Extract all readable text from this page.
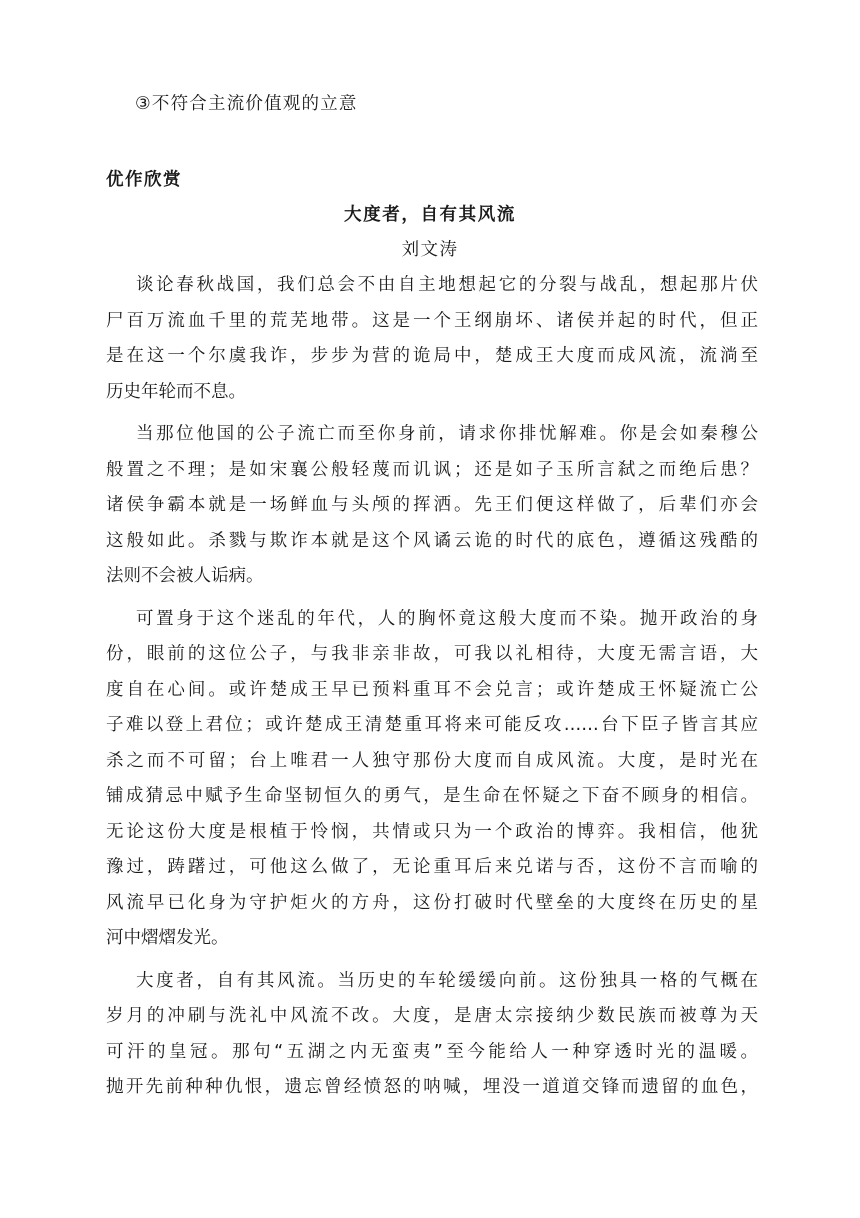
③不符合主流价值观的立意
优作欣赏
大度者，自有其风流
刘文涛
谈论春秋战国，我们总会不由自主地想起它的分裂与战乱，想起那片伏
尸百万流血千里的荒芜地带。这是一个王纲崩坏、诸侯并起的时代，但正
是在这一个尔虞我诈，步步为营的诡局中，楚成王大度而成风流，流淌至
历史年轮而不息。
当那位他国的公子流亡而至你身前，请求你排忧解难。你是会如秦穆公
般置之不理；是如宋襄公般轻蔑而讥讽；还是如子玉所言弑之而绝后患？
诸侯争霸本就是一场鲜血与头颅的挥洒。先王们便这样做了，后辈们亦会
这般如此。杀戮与欺诈本就是这个风谲云诡的时代的底色，遵循这残酷的
法则不会被人诟病。
可置身于这个迷乱的年代，人的胸怀竟这般大度而不染。抛开政治的身
份，眼前的这位公子，与我非亲非故，可我以礼相待，大度无需言语，大
度自在心间。或许楚成王早已预料重耳不会兑言；或许楚成王怀疑流亡公
子难以登上君位；或许楚成王清楚重耳将来可能反攻……台下臣子皆言其应
杀之而不可留；台上唯君一人独守那份大度而自成风流。大度，是时光在
铺成猜忌中赋予生命坚韧恒久的勇气，是生命在怀疑之下奋不顾身的相信。
无论这份大度是根植于怜悯，共情或只为一个政治的博弈。我相信，他犹
豫过，踌躇过，可他这么做了，无论重耳后来兑诺与否，这份不言而喻的
风流早已化身为守护炬火的方舟，这份打破时代壁垒的大度终在历史的星
河中熠熠发光。
大度者，自有其风流。当历史的车轮缓缓向前。这份独具一格的气概在
岁月的冲刷与洗礼中风流不改。大度，是唐太宗接纳少数民族而被尊为天
可汗的皇冠。那句“五湖之内无蛮夷”至今能给人一种穿透时光的温暖。
抛开先前种种仇恨，遗忘曾经愤怒的呐喊，埋没一道道交锋而遗留的血色，
